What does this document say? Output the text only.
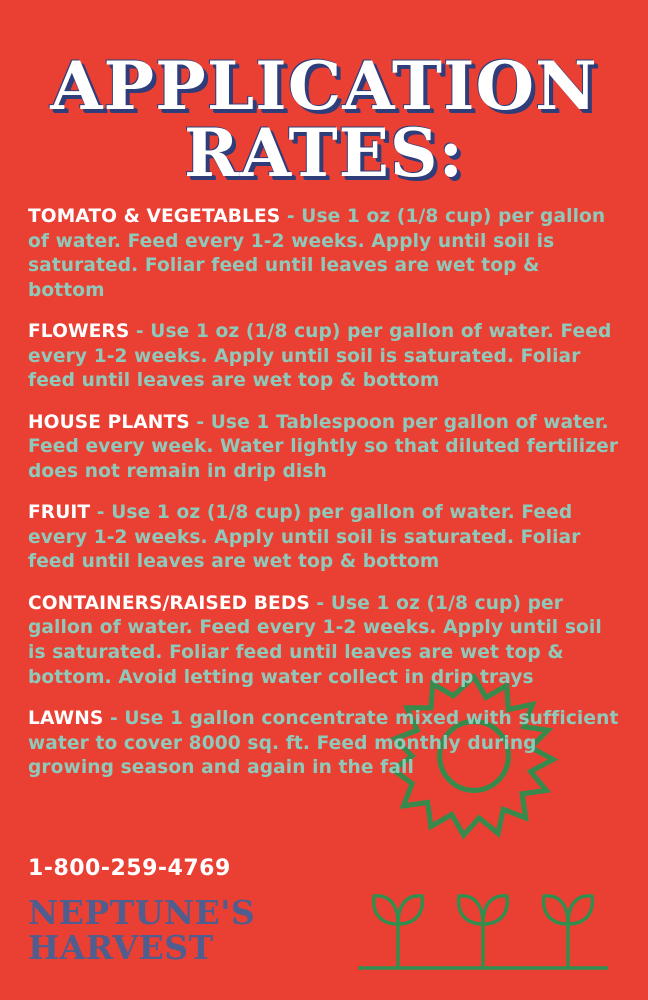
APPLICATION
RATES:

TOMATO & VEGETABLES - Use 1 oz (1/8 cup) per gallon of water. Feed every 1-2 weeks. Apply until soil is saturated. Foliar feed until leaves are wet top & bottom

FLOWERS - Use 1 oz (1/8 cup) per gallon of water. Feed every 1-2 weeks. Apply until soil is saturated. Foliar feed until leaves are wet top & bottom

HOUSE PLANTS - Use 1 Tablespoon per gallon of water. Feed every week. Water lightly so that diluted fertilizer does not remain in drip dish

FRUIT - Use 1 oz (1/8 cup) per gallon of water. Feed every 1-2 weeks. Apply until soil is saturated. Foliar feed until leaves are wet top & bottom

CONTAINERS/RAISED BEDS - Use 1 oz (1/8 cup) per gallon of water. Feed every 1-2 weeks. Apply until soil is saturated. Foliar feed until leaves are wet top & bottom. Avoid letting water collect in drip trays

LAWNS - Use 1 gallon concentrate mixed with sufficient water to cover 8000 sq. ft. Feed monthly during growing season and again in the fall

1-800-259-4769
NEPTUNE'S
HARVEST
